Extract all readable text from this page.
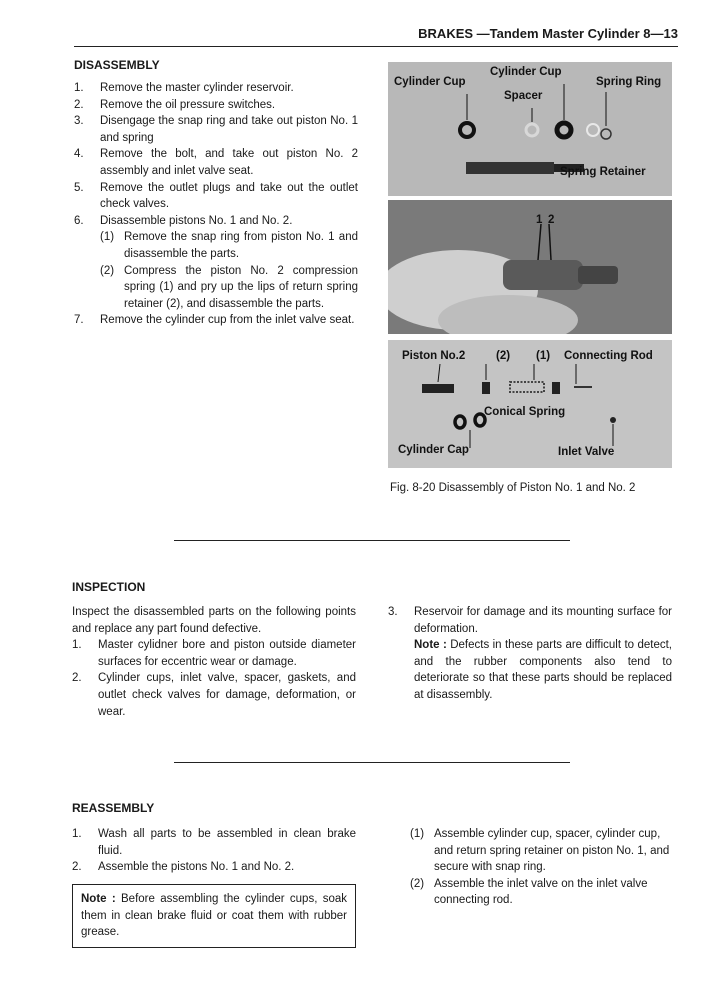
BRAKES —Tandem Master Cylinder 8—13
DISASSEMBLY
1. Remove the master cylinder reservoir.
2. Remove the oil pressure switches.
3. Disengage the snap ring and take out piston No. 1 and spring
4. Remove the bolt, and take out piston No. 2 assembly and inlet valve seat.
5. Remove the outlet plugs and take out the outlet check valves.
6. Disassemble pistons No. 1 and No. 2.
(1) Remove the snap ring from piston No. 1 and disassemble the parts.
(2) Compress the piston No. 2 compression spring (1) and pry up the lips of return spring retainer (2), and disassemble the parts.
7. Remove the cylinder cup from the inlet valve seat.
Cylinder Cup
Cylinder Cup
Spacer
Spring Ring
Spring Retainer
1 2
Piston No.2	(2) (1) Connecting Rod
Conical Spring
Cylinder Cap	Inlet Valve
Fig. 8-20 Disassembly of Piston No. 1 and No. 2
INSPECTION
Inspect the disassembled parts on the following points and replace any part found defective.
1. Master cylidner bore and piston outside diameter surfaces for eccentric wear or damage.
2. Cylinder cups, inlet valve, spacer, gaskets, and outlet check valves for damage, deformation, or wear.
3. Reservoir for damage and its mounting surface for deformation.
Note : Defects in these parts are difficult to detect, and the rubber components also tend to deteriorate so that these parts should be replaced at disassembly.
REASSEMBLY
1. Wash all parts to be assembled in clean brake fluid.
2. Assemble the pistons No. 1 and No. 2.
Note : Before assembling the cylinder cups, soak them in clean brake fluid or coat them with rubber grease.
(1) Assemble cylinder cup, spacer, cylinder cup, and return spring retainer on piston No. 1, and secure with snap ring.
(2) Assemble the inlet valve on the inlet valve connecting rod.
